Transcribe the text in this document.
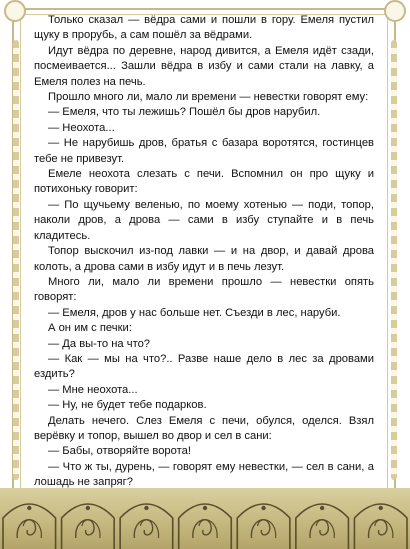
Только сказал — вёдра сами и пошли в гору. Емеля пустил щуку в прорубь, а сам пошёл за вёдрами.

Идут вёдра по деревне, народ дивится, а Емеля идёт сзади, посмеивается... Зашли вёдра в избу и сами стали на лавку, а Емеля полез на печь.

Прошло много ли, мало ли времени — невестки говорят ему:

— Емеля, что ты лежишь? Пошёл бы дров нарубил.

— Неохота...

— Не нарубишь дров, братья с базара воротятся, гостинцев тебе не привезут.

Емеле неохота слезать с печи. Вспомнил он про щуку и потихоньку говорит:

— По щучьему веленью, по моему хотенью — поди, топор, наколи дров, а дрова — сами в избу ступайте и в печь кладитесь.

Топор выскочил из-под лавки — и на двор, и давай дрова колоть, а дрова сами в избу идут и в печь лезут.

Много ли, мало ли времени прошло — невестки опять говорят:

— Емеля, дров у нас больше нет. Съезди в лес, наруби.

А он им с печки:

— Да вы-то на что?

— Как — мы на что?.. Разве наше дело в лес за дровами ездить?

— Мне неохота...

— Ну, не будет тебе подарков.

Делать нечего. Слез Емеля с печи, обулся, оделся. Взял верёвку и топор, вышел во двор и сел в сани:

— Бабы, отворяйте ворота!

— Что ж ты, дурень, — говорят ему невестки, — сел в сани, а лошадь не запряг?
